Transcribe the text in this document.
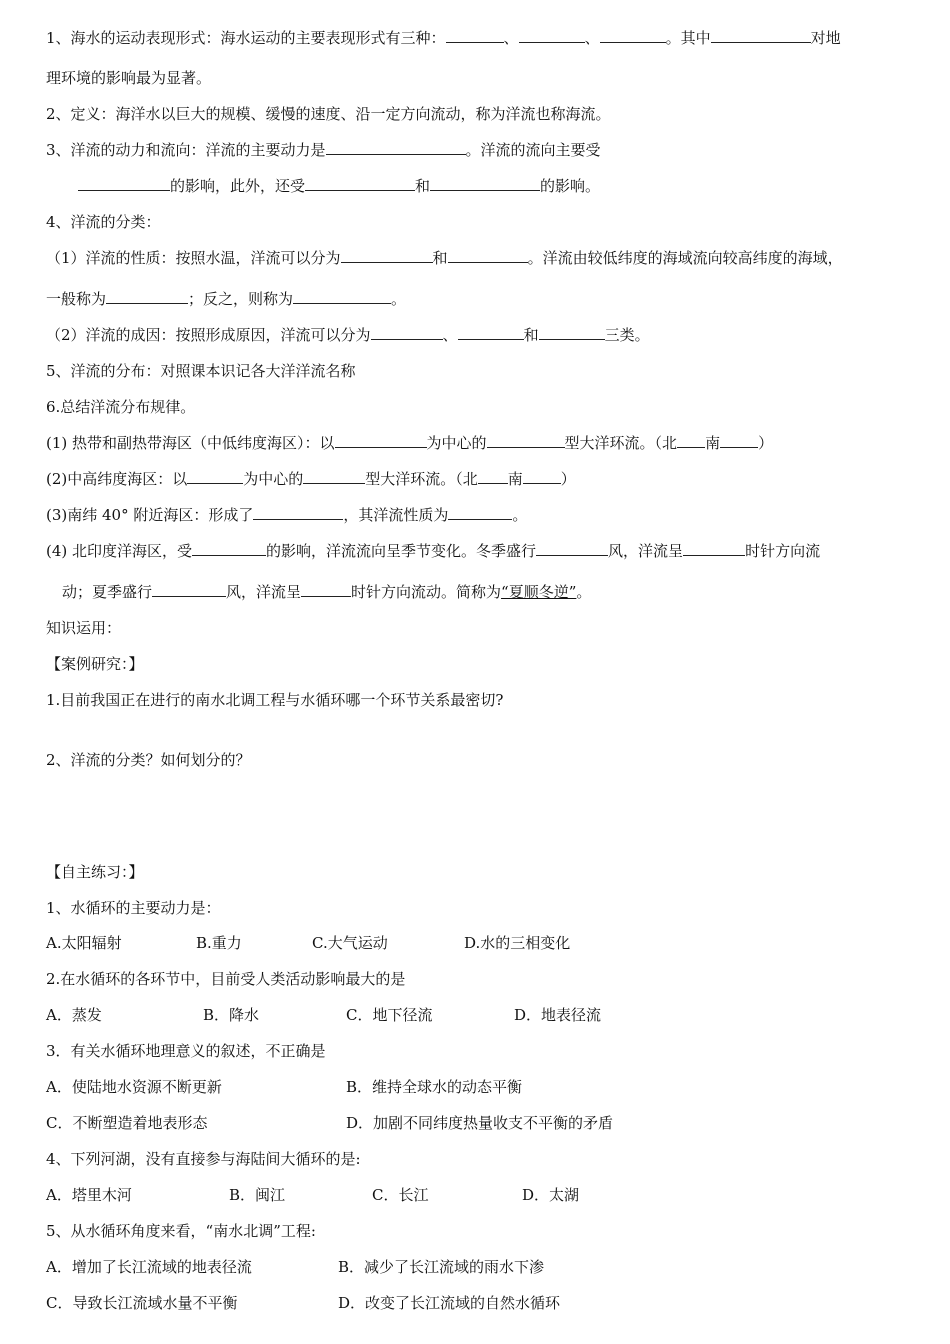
1、海水的运动表现形式：海水运动的主要表现形式有三种：	、	、	。其中	对地
理环境的影响最为显著。
2、定义：海洋水以巨大的规模、缓慢的速度、沿一定方向流动，称为洋流也称海流。
3、洋流的动力和流向：洋流的主要动力是	。洋流的流向主要受
的影响，此外，还受	和	的影响。
4、洋流的分类：
（1）洋流的性质：按照水温，洋流可以分为	和	。洋流由较低纬度的海域流向较高纬度的海域，
一般称为	；反之，则称为	。
（2）洋流的成因：按照形成原因，洋流可以分为	、	和	三类。
5、洋流的分布：对照课本识记各大洋洋流名称
6.总结洋流分布规律。
(1) 热带和副热带海区（中低纬度海区）：以	为中心的	型大洋环流。（北 南	）
(2)中高纬度海区：以	为中心的	型大洋环流。（北 南	）
(3)南纬 40° 附近海区：形成了	，其洋流性质为	。
(4) 北印度洋海区，受	的影响，洋流流向呈季节变化。冬季盛行	风，洋流呈	时针方向流
动；夏季盛行	风，洋流呈	时针方向流动。简称为“夏顺冬逆”。
知识运用：
【案例研究：】
1.目前我国正在进行的南水北调工程与水循环哪一个环节关系最密切?
2、洋流的分类？如何划分的？
【自主练习：】
1、水循环的主要动力是：
A.太阳辐射	B.重力	C.大气运动	D.水的三相变化
2.在水循环的各环节中，目前受人类活动影响最大的是
A．蒸发	B．降水	C．地下径流	D．地表径流
3．有关水循环地理意义的叙述，不正确是
A．使陆地水资源不断更新	B．维持全球水的动态平衡
C．不断塑造着地表形态	D．加剧不同纬度热量收支不平衡的矛盾
4、下列河湖，没有直接参与海陆间大循环的是:
A．塔里木河	B．闽江	C．长江	D．太湖
5、从水循环角度来看，“南水北调”工程:
A．增加了长江流域的地表径流	B．减少了长江流域的雨水下渗
C．导致长江流域水量不平衡	D．改变了长江流域的自然水循环
